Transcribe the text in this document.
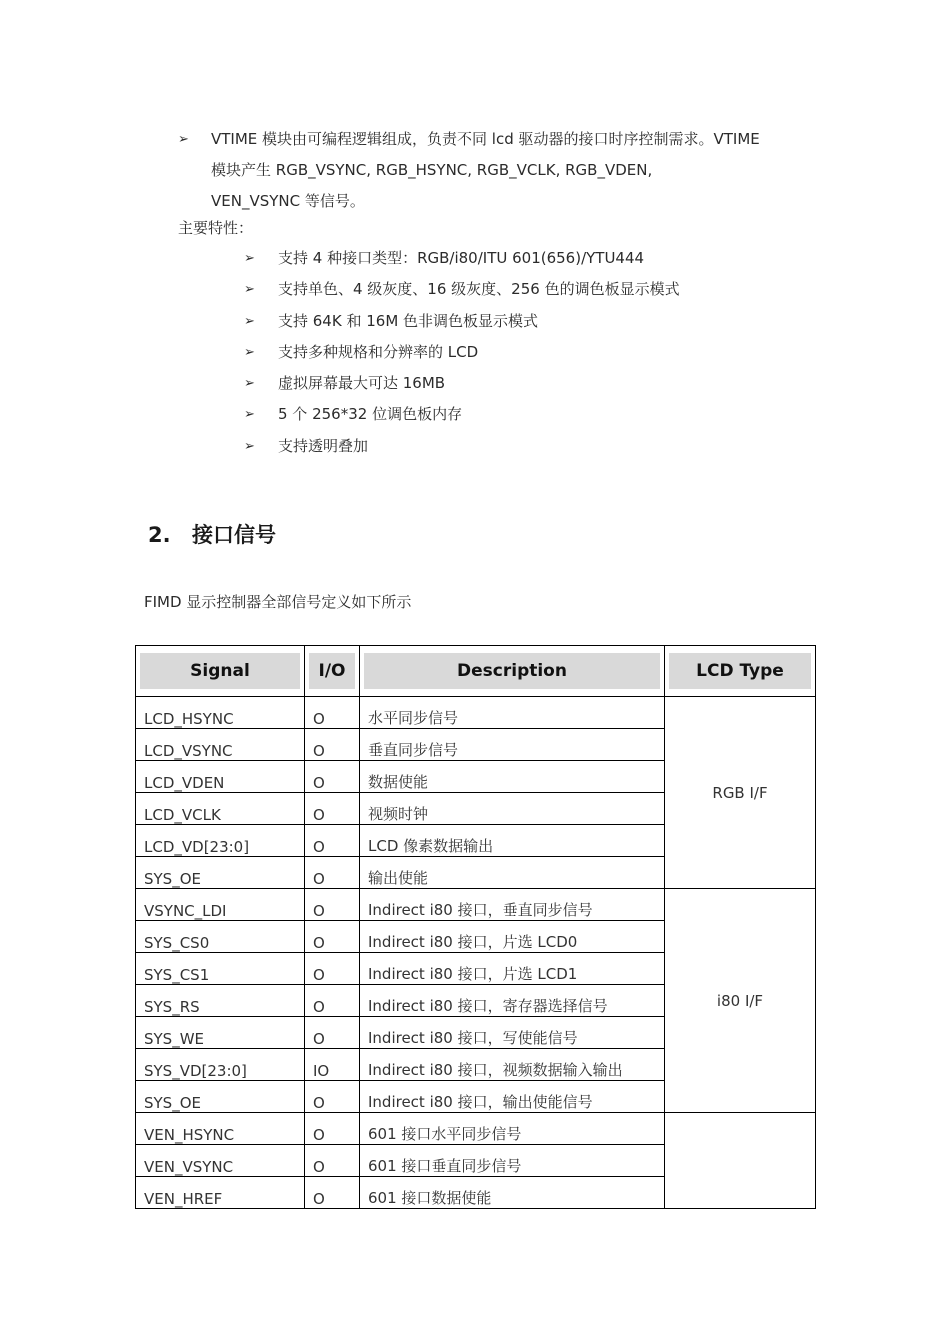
➢ VTIME 模块由可编程逻辑组成，负责不同 lcd 驱动器的接口时序控制需求。VTIME
模块产生 RGB_VSYNC, RGB_HSYNC, RGB_VCLK, RGB_VDEN,
VEN_VSYNC 等信号。
主要特性：
➢ 支持 4 种接口类型：RGB/i80/ITU 601(656)/YTU444
➢ 支持单色、4 级灰度、16 级灰度、256 色的调色板显示模式
➢ 支持 64K 和 16M 色非调色板显示模式
➢ 支持多种规格和分辨率的 LCD
➢ 虚拟屏幕最大可达 16MB
➢ 5 个 256*32 位调色板内存
➢ 支持透明叠加
2. 接口信号
FIMD 显示控制器全部信号定义如下所示
Signal	I/O	Description	LCD Type

LCD_HSYNC	O	水平同步信号	RGB I/F
LCD_VSYNC	O	垂直同步信号	
LCD_VDEN	O	数据使能	
LCD_VCLK	O	视频时钟	
LCD_VD[23:0]	O	LCD 像素数据输出	
SYS_OE	O	输出使能	
VSYNC_LDI	O	Indirect i80 接口，垂直同步信号	i80 I/F
SYS_CS0	O	Indirect i80 接口，片选 LCD0	
SYS_CS1	O	Indirect i80 接口，片选 LCD1	
SYS_RS	O	Indirect i80 接口，寄存器选择信号	
SYS_WE	O	Indirect i80 接口，写使能信号	
SYS_VD[23:0]	IO	Indirect i80 接口，视频数据输入输出	
SYS_OE	O	Indirect i80 接口，输出使能信号	
VEN_HSYNC	O	601 接口水平同步信号	
VEN_VSYNC	O	601 接口垂直同步信号	
VEN_HREF	O	601 接口数据使能	
